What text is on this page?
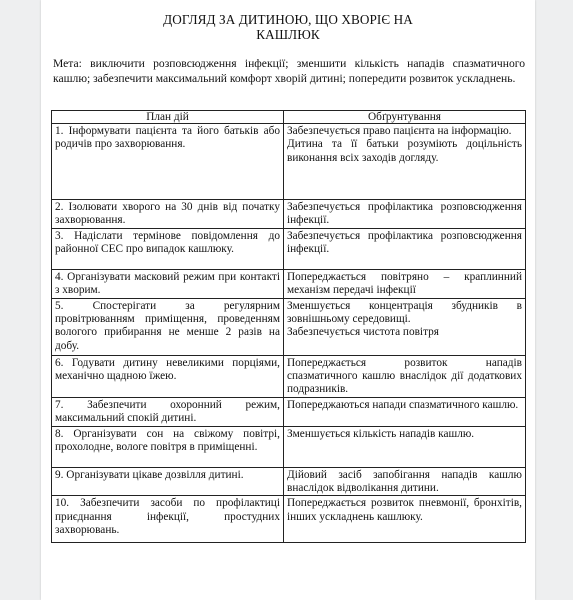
ДОГЛЯД ЗА ДИТИНОЮ, ЩО ХВОРІЄ НА
КАШЛЮК
Мета: виключити розповсюдження інфекції; зменшити кількість нападів спазматичного кашлю; забезпечити максимальний комфорт хворій дитині; попередити розвиток ускладнень.
План дій	Обґрунтування
1. Інформувати пацієнта та його батьків або родичів про захворювання.	Забезпечується право пацієнта на інформацію.

Дитина та її батьки розуміють доцільність виконання всіх заходів догляду.

2. Ізолювати хворого на 30 днів від початку захворювання.	Забезпечується профілактика розповсюдження інфекції.

3. Надіслати термінове повідомлення до районної СЕС про випадок кашлюку.	Забезпечується профілактика розповсюдження інфекції.

4. Організувати масковий режим при контакті з хворим.	Попереджається повітряно – краплинний механізм передачі інфекції

5. Спостерігати за регулярним провітрюванням приміщення, проведенням вологого прибирання не менше 2 разів на добу.	Зменшується концентрація збудників в зовнішньому середовищі.

Забезпечується чистота повітря

6. Годувати дитину невеликими порціями, механічно щадною їжею.	Попереджається розвиток нападів спазматичного кашлю внаслідок дії додаткових подразників.

7. Забезпечити охоронний режим, максимальний спокій дитині.	Попереджаються напади спазматичного кашлю.

8. Організувати сон на свіжому повітрі, прохолодне, вологе повітря в приміщенні.	Зменшується кількість нападів кашлю.

9. Організувати цікаве дозвілля дитині.	Дійовий засіб запобігання нападів кашлю внаслідок відволікання дитини.

10. Забезпечити засоби по профілактиці приєднання інфекції, простудних захворювань.	Попереджається розвиток пневмонії, бронхітів, інших ускладнень кашлюку.
